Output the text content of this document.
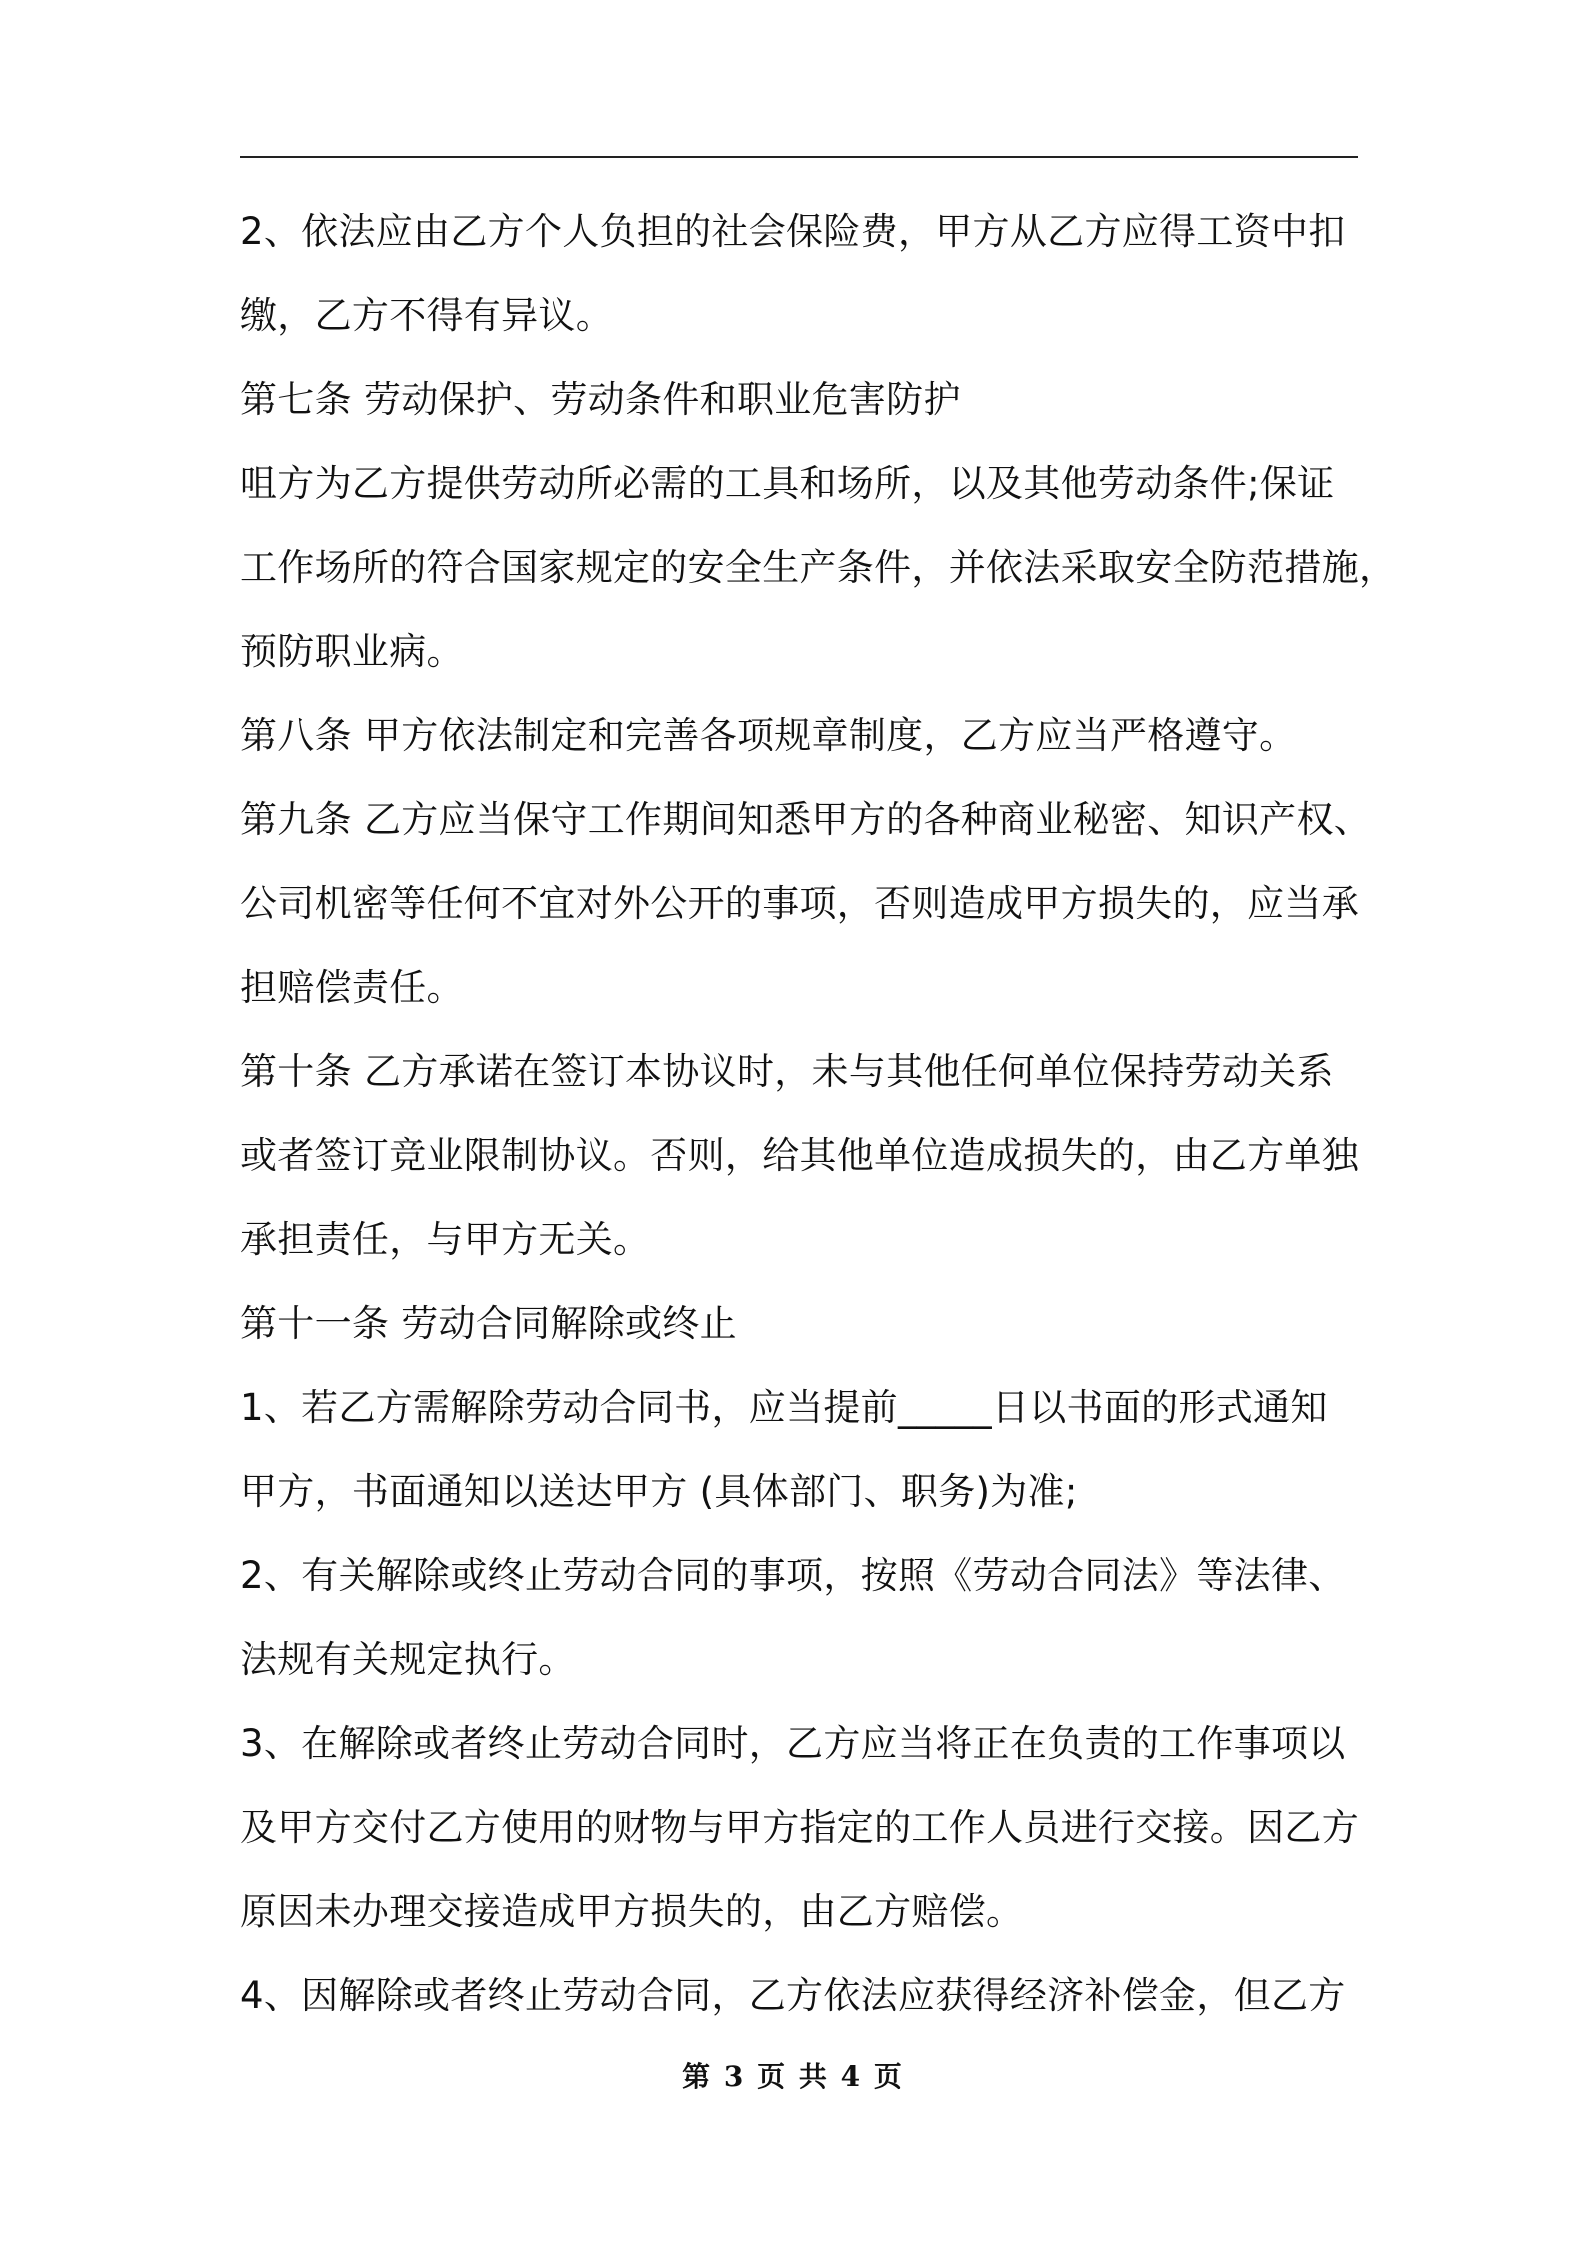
2、依法应由乙方个人负担的社会保险费，甲方从乙方应得工资中扣
缴，乙方不得有异议。
第七条 劳动保护、劳动条件和职业危害防护
咀方为乙方提供劳动所必需的工具和场所，以及其他劳动条件;保证
工作场所的符合国家规定的安全生产条件，并依法采取安全防范措施，
预防职业病。
第八条 甲方依法制定和完善各项规章制度，乙方应当严格遵守。
第九条 乙方应当保守工作期间知悉甲方的各种商业秘密、知识产权、
公司机密等任何不宜对外公开的事项，否则造成甲方损失的，应当承
担赔偿责任。
第十条 乙方承诺在签订本协议时，未与其他任何单位保持劳动关系
或者签订竞业限制协议。否则，给其他单位造成损失的，由乙方单独
承担责任，与甲方无关。
第十一条 劳动合同解除或终止
1、若乙方需解除劳动合同书，应当提前_____日以书面的形式通知
甲方，书面通知以送达甲方 (具体部门、职务)为准;
2、有关解除或终止劳动合同的事项，按照《劳动合同法》等法律、
法规有关规定执行。
3、在解除或者终止劳动合同时，乙方应当将正在负责的工作事项以
及甲方交付乙方使用的财物与甲方指定的工作人员进行交接。因乙方
原因未办理交接造成甲方损失的，由乙方赔偿。
4、因解除或者终止劳动合同，乙方依法应获得经济补偿金，但乙方
第 3 页 共 4 页
